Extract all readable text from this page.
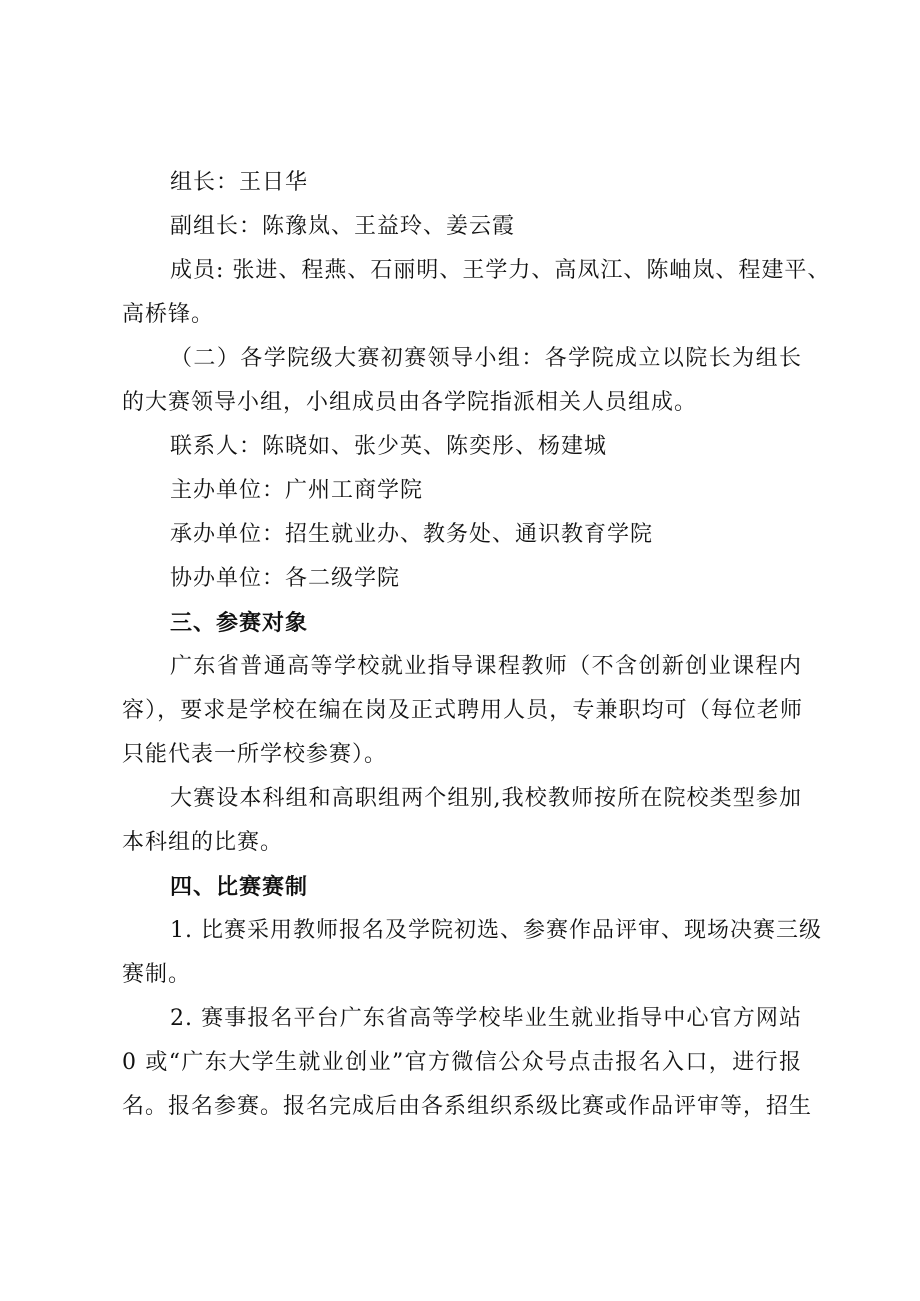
组长：王日华
副组长：陈豫岚、王益玲、姜云霞
成员: 张进、程燕、石丽明、王学力、高凤江、陈岫岚、程建平、
高桥锋。
（二）各学院级大赛初赛领导小组：各学院成立以院长为组长
的大赛领导小组，小组成员由各学院指派相关人员组成。
联系人：陈晓如、张少英、陈奕彤、杨建城
主办单位：广州工商学院
承办单位：招生就业办、教务处、通识教育学院
协办单位：各二级学院
三、参赛对象
广东省普通高等学校就业指导课程教师（不含创新创业课程内
容），要求是学校在编在岗及正式聘用人员，专兼职均可（每位老师
只能代表一所学校参赛）。
大赛设本科组和高职组两个组别,我校教师按所在院校类型参加
本科组的比赛。
四、比赛赛制
1. 比赛采用教师报名及学院初选、参赛作品评审、现场决赛三级
赛制。
2. 赛事报名平台广东省高等学校毕业生就业指导中心官方网站
0 或“广东大学生就业创业”官方微信公众号点击报名入口，进行报
名。报名参赛。报名完成后由各系组织系级比赛或作品评审等，招生
